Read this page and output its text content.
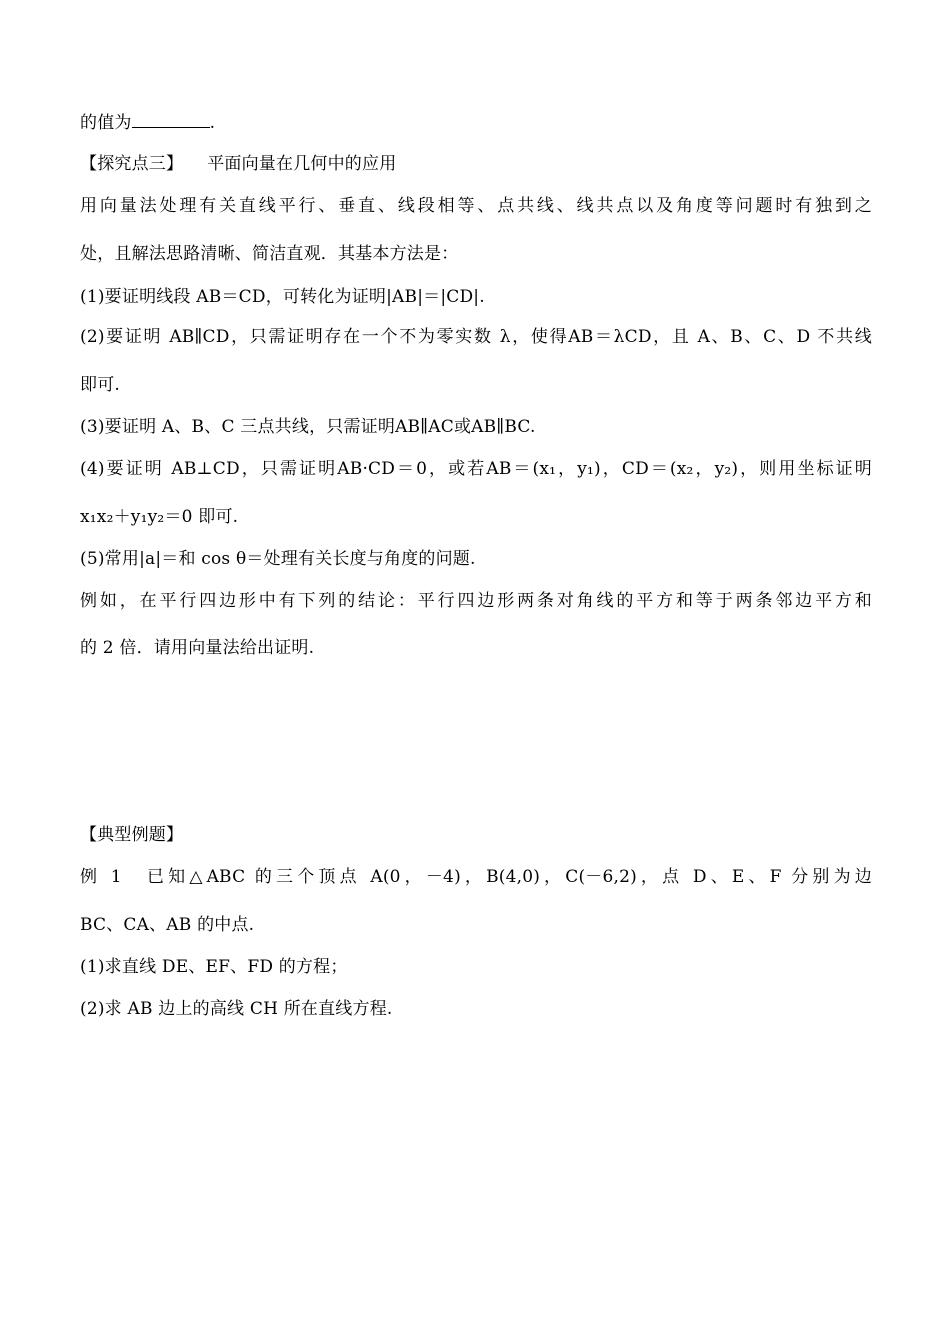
的值为	.
【探究点三】 平面向量在几何中的应用
用向量法处理有关直线平行、垂直、线段相等、点共线、线共点以及角度等问题时有独到之
处，且解法思路清晰、简洁直观．其基本方法是：
(1)要证明线段 AB＝CD，可转化为证明|AB|＝|CD|.
(2)要证明 AB∥CD，只需证明存在一个不为零实数 λ，使得AB＝λCD，且 A、B、C、D 不共线
即可.
(3)要证明 A、B、C 三点共线，只需证明AB∥AC或AB∥BC.
(4)要证明 AB⊥CD，只需证明AB·CD＝0，或若AB＝(x₁，y₁)，CD＝(x₂，y₂)，则用坐标证明
x₁x₂＋y₁y₂＝0 即可.
(5)常用|a|＝和 cos θ＝处理有关长度与角度的问题.
例如，在平行四边形中有下列的结论：平行四边形两条对角线的平方和等于两条邻边平方和
的 2 倍．请用向量法给出证明.
【典型例题】
例 1　已知△ABC 的三个顶点 A(0，－4)，B(4,0)，C(－6,2)，点 D、E、F 分别为边
BC、CA、AB 的中点.
(1)求直线 DE、EF、FD 的方程；
(2)求 AB 边上的高线 CH 所在直线方程.
